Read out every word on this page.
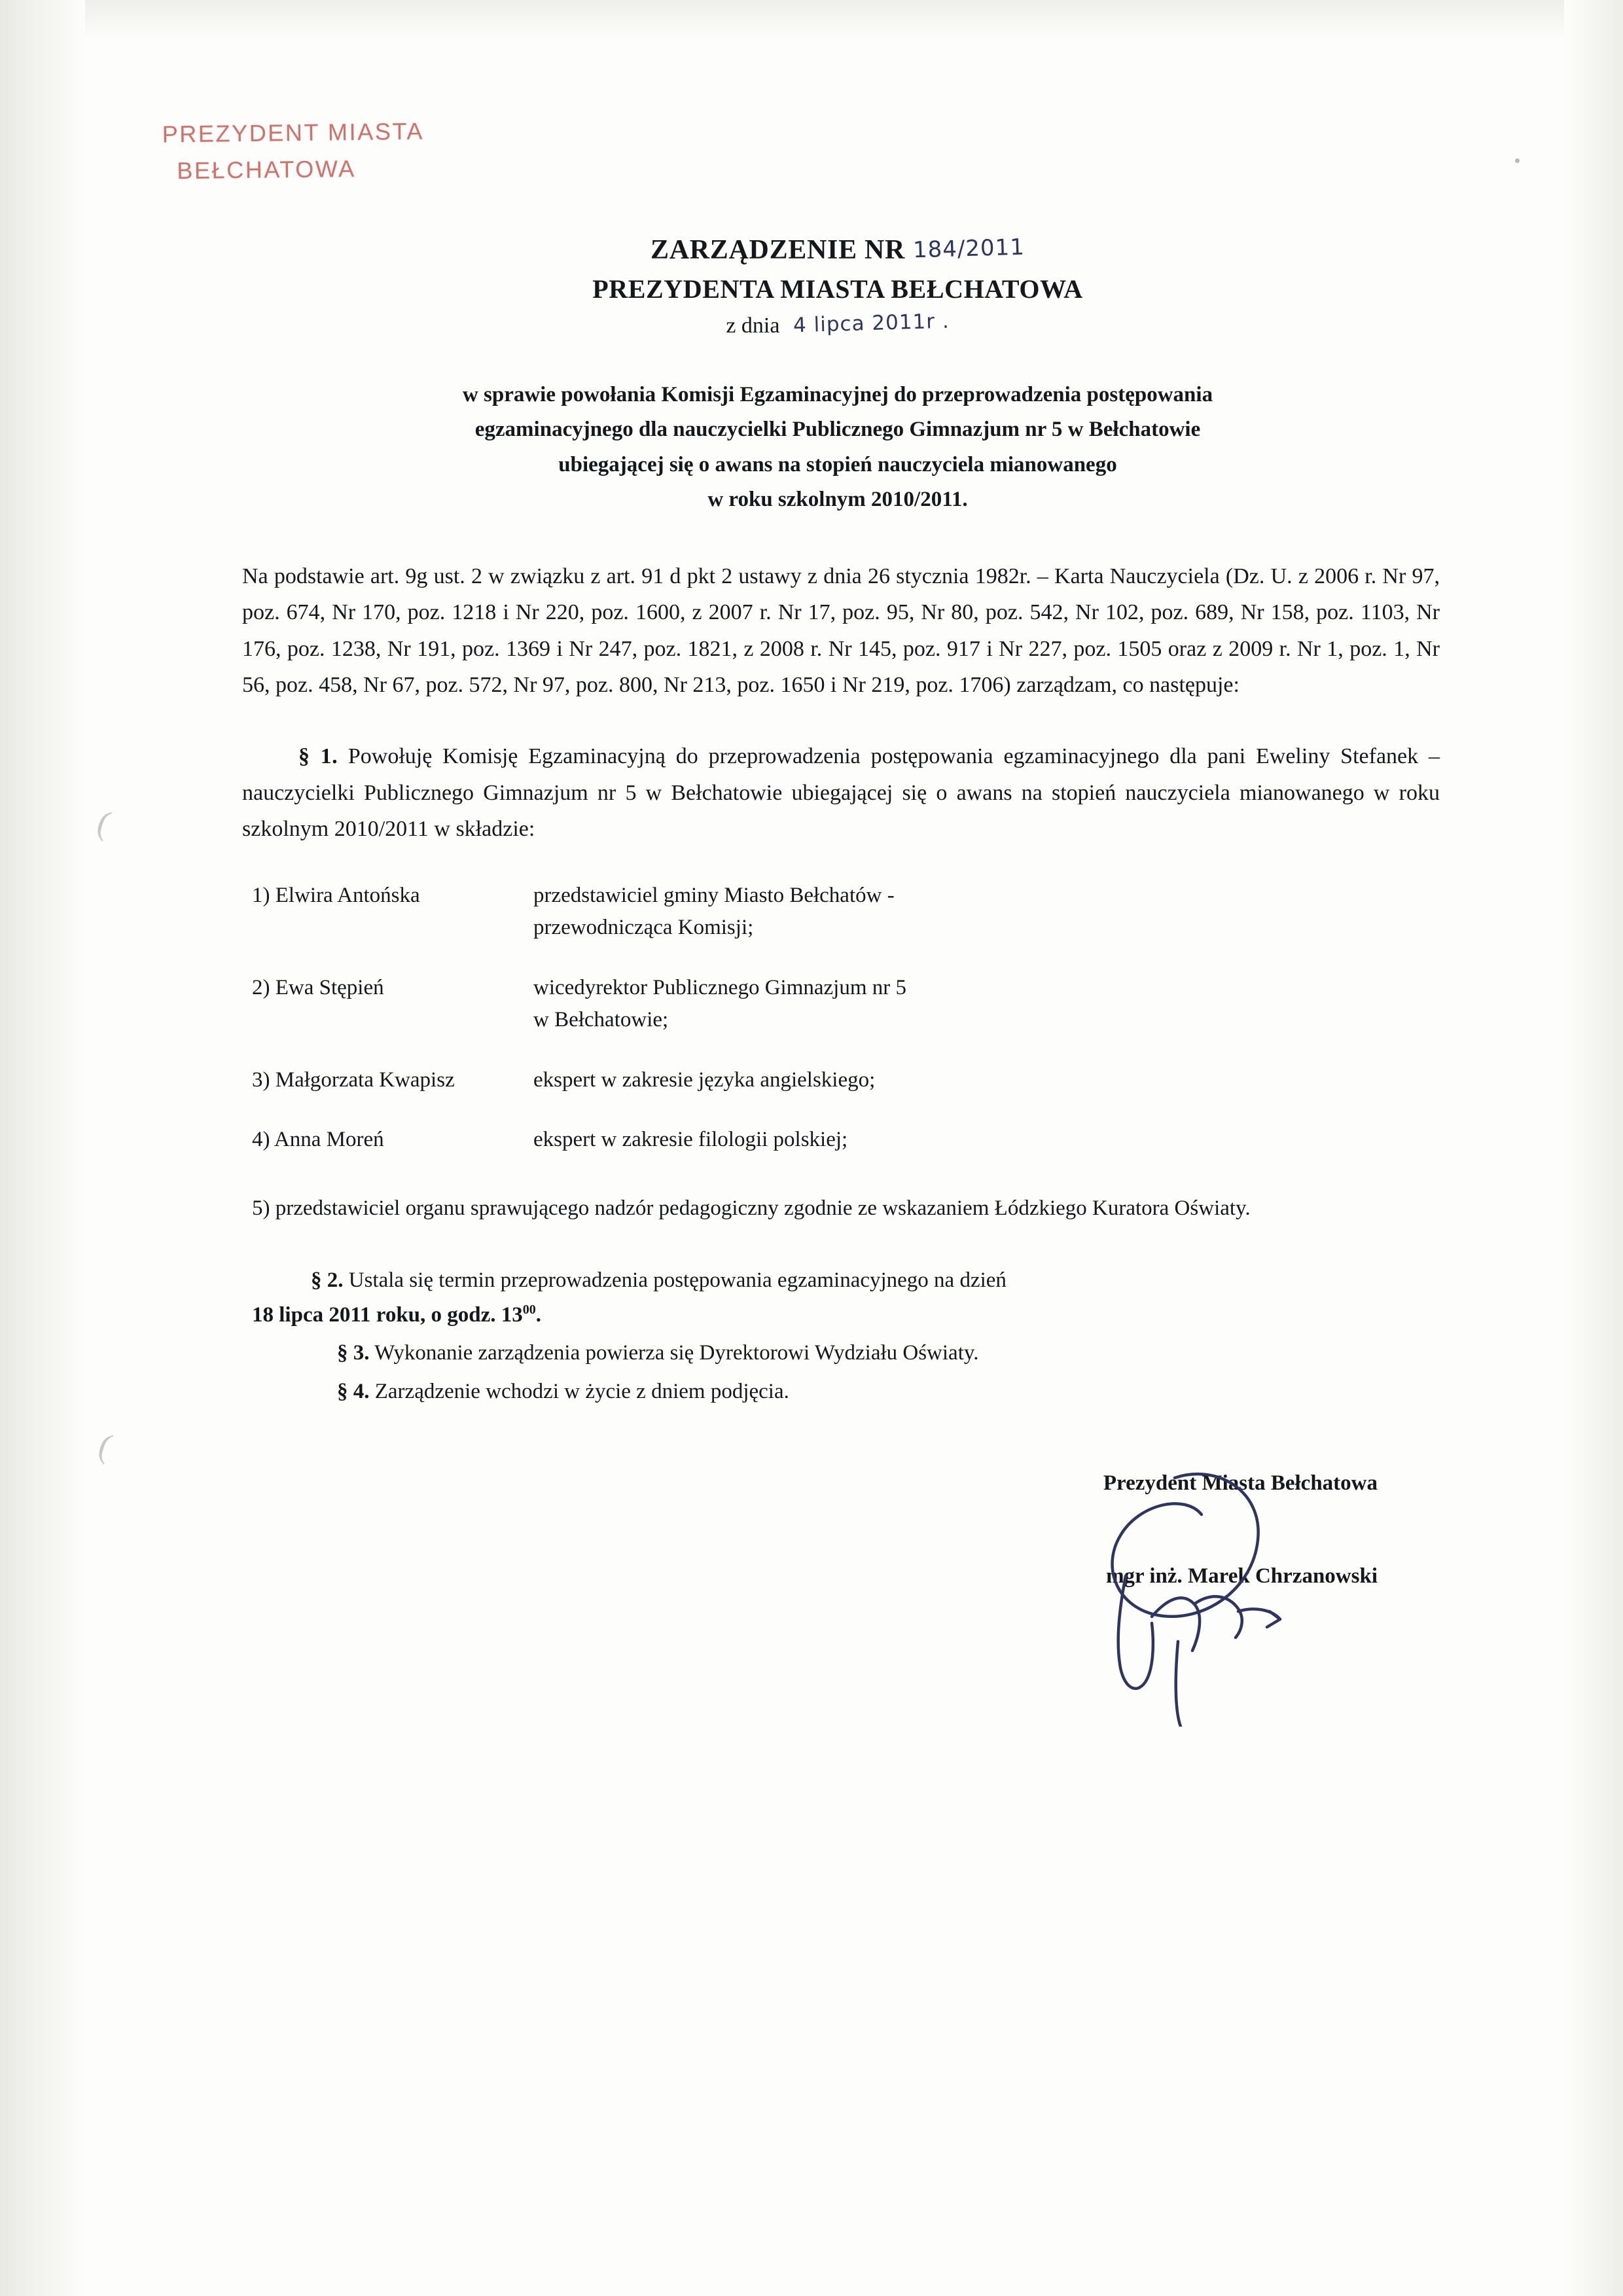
(
(
PREZYDENT MIASTA
BEŁCHATOWA
ZARZĄDZENIE NR 184/2011
PREZYDENTA MIASTA BEŁCHATOWA
z dnia 4 lipca 2011r .
w sprawie powołania Komisji Egzaminacyjnej do przeprowadzenia postępowania
egzaminacyjnego dla nauczycielki Publicznego Gimnazjum nr 5 w Bełchatowie
ubiegającej się o awans na stopień nauczyciela mianowanego
w roku szkolnym 2010/2011.
Na podstawie art. 9g ust. 2 w związku z art. 91 d pkt 2 ustawy z dnia 26 stycznia 1982r. – Karta Nauczyciela (Dz. U. z 2006 r. Nr 97, poz. 674, Nr 170, poz. 1218 i Nr 220, poz. 1600, z 2007 r. Nr 17, poz. 95, Nr 80, poz. 542, Nr 102, poz. 689, Nr 158, poz. 1103, Nr 176, poz. 1238, Nr 191, poz. 1369 i Nr 247, poz. 1821, z 2008 r. Nr 145, poz. 917 i Nr 227, poz. 1505 oraz z 2009 r. Nr 1, poz. 1, Nr 56, poz. 458, Nr 67, poz. 572, Nr 97, poz. 800, Nr 213, poz. 1650 i Nr 219, poz. 1706) zarządzam, co następuje:
§ 1. Powołuję Komisję Egzaminacyjną do przeprowadzenia postępowania egzaminacyjnego dla pani Eweliny Stefanek – nauczycielki Publicznego Gimnazjum nr 5 w Bełchatowie ubiegającej się o awans na stopień nauczyciela mianowanego w roku szkolnym 2010/2011 w składzie:
1) Elwira Antońska	przedstawiciel gminy Miasto Bełchatów -
przewodnicząca Komisji;
2) Ewa Stępień	wicedyrektor Publicznego Gimnazjum nr 5
w Bełchatowie;
3) Małgorzata Kwapisz	ekspert w zakresie języka angielskiego;
4) Anna Moreń	ekspert w zakresie filologii polskiej;
5) przedstawiciel organu sprawującego nadzór pedagogiczny zgodnie ze wskazaniem Łódzkiego Kuratora Oświaty.
§ 2. Ustala się termin przeprowadzenia postępowania egzaminacyjnego na dzień
18 lipca 2011 roku, o godz. $13^{00}$.
§ 3. Wykonanie zarządzenia powierza się Dyrektorowi Wydziału Oświaty.
§ 4. Zarządzenie wchodzi w życie z dniem podjęcia.
Prezydent Miasta Bełchatowa
mgr inż. Marek Chrzanowski
